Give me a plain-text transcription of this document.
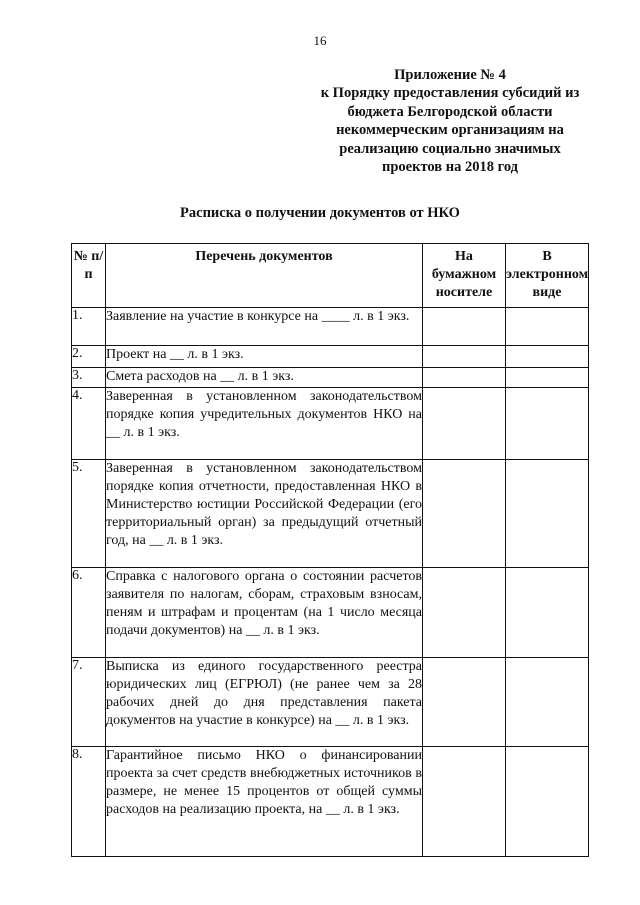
16
Приложение № 4
к Порядку предоставления субсидий из
бюджета Белгородской области
некоммерческим организациям на
реализацию социально значимых
проектов на 2018 год
Расписка о получении документов от НКО
№ п/п	Перечень документов	На бумажном носителе	В электронном виде
1.	Заявление на участие в конкурсе на ____ л. в 1 экз.		
2.	Проект на __ л. в 1 экз.		
3.	Смета расходов на __ л. в 1 экз.		
4.	Заверенная в установленном законодательством порядке копия учредительных документов НКО на __ л. в 1 экз.		
5.	Заверенная в установленном законодательством порядке копия отчетности, предоставленная НКО в Министерство юстиции Российской Федерации (его территориальный орган) за предыдущий отчетный год, на __ л. в 1 экз.		
6.	Справка с налогового органа о состоянии расчетов заявителя по налогам, сборам, страховым взносам, пеням и штрафам и процентам (на 1 число месяца подачи документов) на __ л. в 1 экз.		
7.	Выписка из единого государственного реестра юридических лиц (ЕГРЮЛ) (не ранее чем за 28 рабочих дней до дня представления пакета документов на участие в конкурсе) на __ л. в 1 экз.		
8.	Гарантийное письмо НКО о финансировании проекта за счет средств внебюджетных источников в размере, не менее 15 процентов от общей суммы расходов на реализацию проекта, на __ л. в 1 экз.		
